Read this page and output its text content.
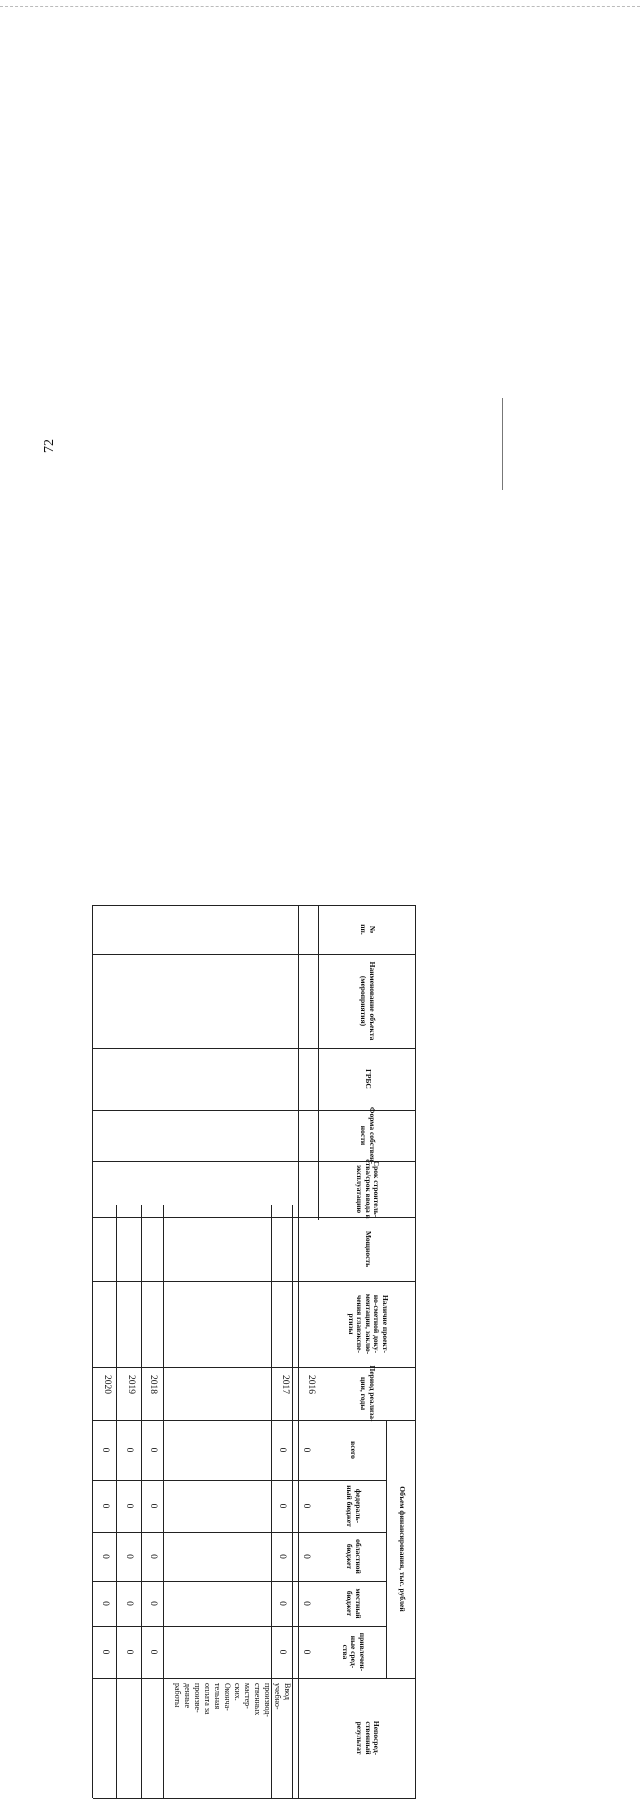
72
№
пп.
Наименование объекта
(мероприятия)
ГРБС
Форма собствен-
ности
Срок строитель-
ства/срок ввода в
эксплуатацию
Мощность
Наличие проект-
но-сметной доку-
ментации, заклю-
чения главэкспе-
ртизы
Период реализа-
ции, годы
Объем финансирования, тыс. рублей
всего
федераль-
ный бюджет
областной
бюджет
местный
бюджет
привлечен-
ные сред-
ства
Непосред-
ственный
результат
2016
2017
2018
2019
2020
0
0
0
0
0
0
0
0
0
0
Ввод
учебно-
производ-
ственных
мастер-
ских.
Оконча-
тельная
оплата за
произве-
денные
работы
0
0
0
0
0
0
0
0
0
0
0
0
0
0
0
